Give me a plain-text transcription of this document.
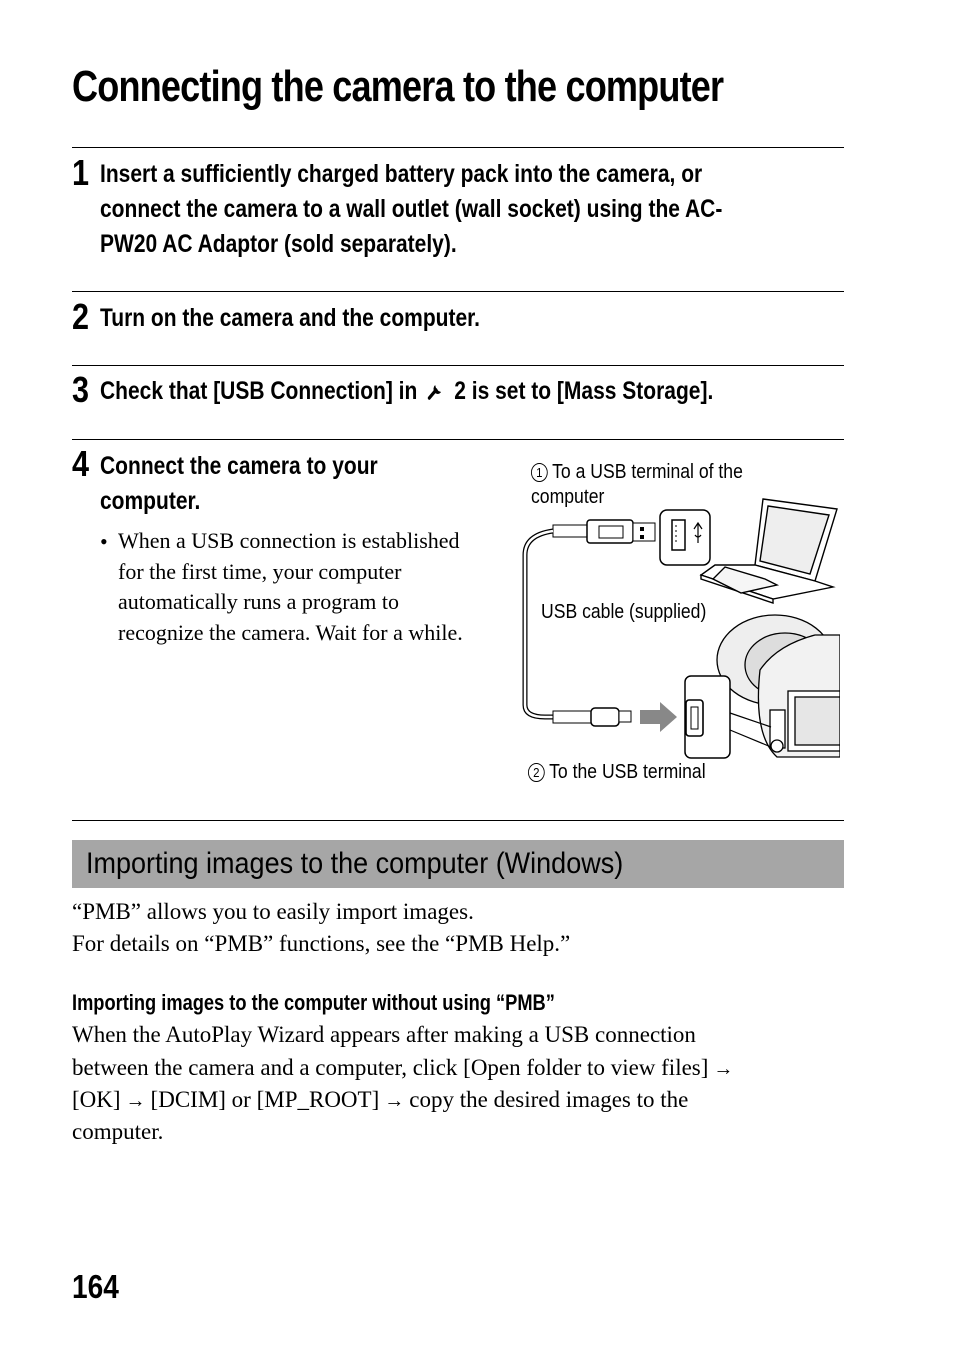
Connecting the camera to the computer
1 Insert a sufficiently charged battery pack into the camera, or
connect the camera to a wall outlet (wall socket) using the AC-
PW20 AC Adaptor (sold separately).
2 Turn on the camera and the computer.
3 Check that [USB Connection] in 2 is set to [Mass Storage].
4 Connect the camera to your
computer.
• When a USB connection is established
for the first time, your computer
automatically runs a program to
recognize the camera. Wait for a while.
1 To a USB terminal of the
computer
USB cable (supplied)
2 To the USB terminal
Importing images to the computer (Windows)
“PMB” allows you to easily import images.
For details on “PMB” functions, see the “PMB Help.”
Importing images to the computer without using “PMB”
When the AutoPlay Wizard appears after making a USB connection
between the camera and a computer, click [Open folder to view files] →
[OK] → [DCIM] or [MP_ROOT] → copy the desired images to the
computer.
164
